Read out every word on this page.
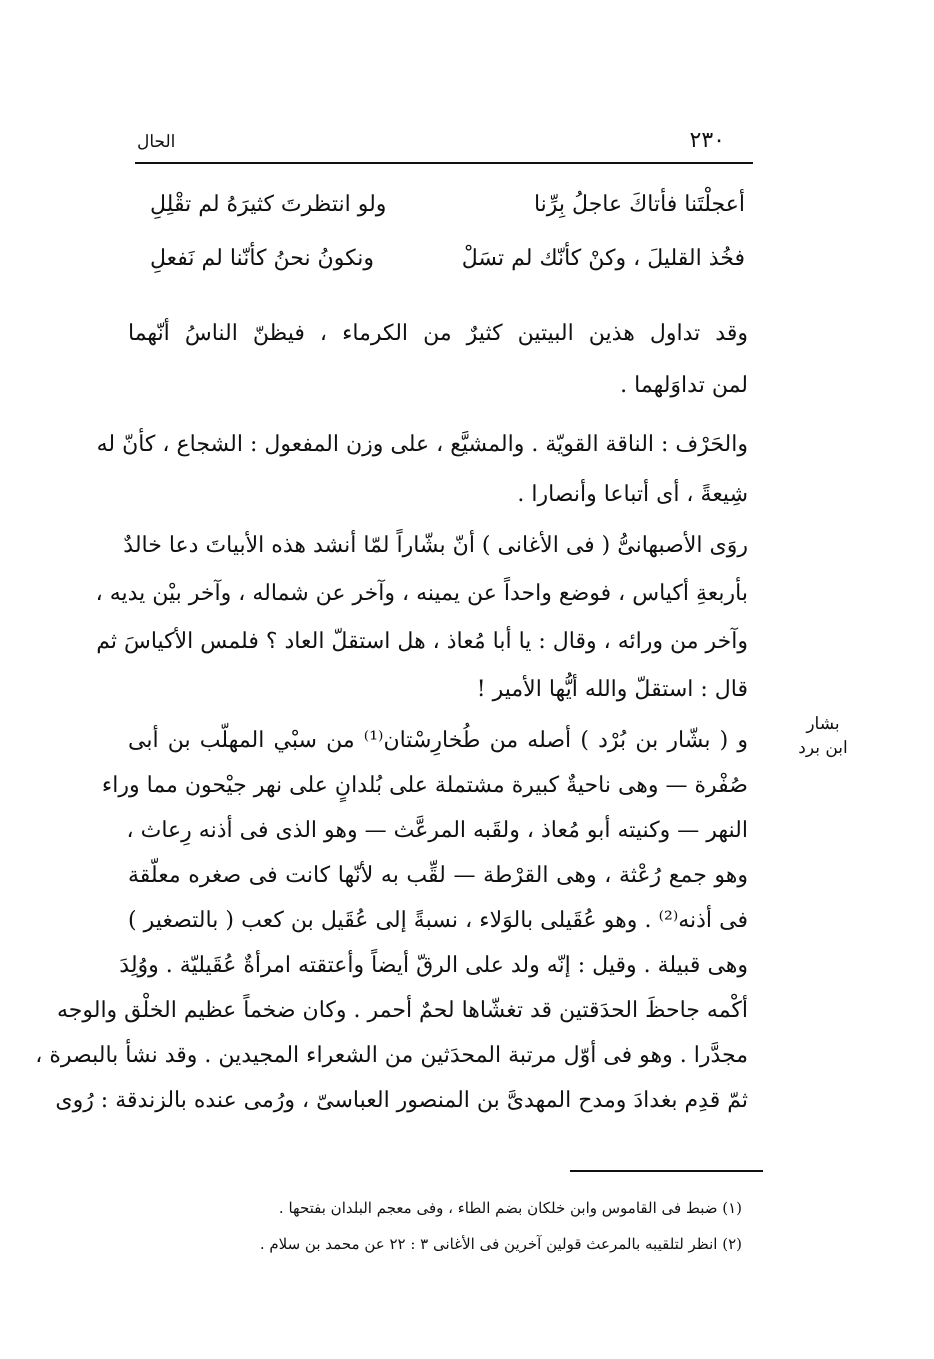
٢٣٠
الحال
أعجلْتَنا فأتاكَ عاجلُ بِرِّنا
ولو انتظرتَ كثيرَهُ لم تقْلِلِ
فخُذ القليلَ ، وكنْ كأنّك لم تسَلْ
ونكونُ نحنُ كأنّنا لم نَفعلِ
وقد تداول هذين البيتين كثيرٌ من الكرماء ، فيظنّ الناسُ أنّهما
لمن تداوَلهما .
والحَرْف : الناقة القويّة . والمشيَّع ، على وزن المفعول : الشجاع ، كأنّ له
شِيعةً ، أى أتباعا وأنصارا .
روَى الأصبهانىُّ ( فى الأغانى ) أنّ بشّاراً لمّا أنشد هذه الأبياتَ دعا خالدٌ
بأربعةِ أكياس ، فوضع واحداً عن يمينه ، وآخر عن شماله ، وآخر بيْن يديه ،
وآخر من ورائه ، وقال : يا أبا مُعاذ ، هل استقلّ العاد ؟ فلمس الأكياسَ ثم
قال : استقلّ والله أيُّها الأمير !
بشار
ابن برد
و ( بشّار بن بُرْد ) أصله من طُخارِسْتان⁽¹⁾ من سبْي المهلّب بن أبى
صُفْرة — وهى ناحيةٌ كبيرة مشتملة على بُلدانٍ على نهر جيْحون مما وراء
النهر — وكنيته أبو مُعاذ ، ولقَبه المرعَّث — وهو الذى فى أذنه رِعاث ،
وهو جمع رُعْثة ، وهى القرْطة — لقِّب به لأنّها كانت فى صغره معلّقة
فى أذنه⁽²⁾ . وهو عُقَيلى بالوَلاء ، نسبةً إلى عُقَيل بن كعب ( بالتصغير )
وهى قبيلة . وقيل : إنّه ولد على الرقّ أيضاً وأعتقته امرأةٌ عُقَيليّة . ووُلِدَ
أكْمه جاحظَ الحدَقتين قد تغشّاها لحمٌ أحمر . وكان ضخماً عظيم الخلْق والوجه
مجدَّرا . وهو فى أوّل مرتبة المحدَثين من الشعراء المجيدين . وقد نشأ بالبصرة ،
ثمّ قدِم بغدادَ ومدح المهدىَّ بن المنصور العباسىّ ، ورُمى عنده بالزندقة : رُوى
(١) ضبط فى القاموس وابن خلكان بضم الطاء ، وفى معجم البلدان بفتحها .
(٢) انظر لتلقيبه بالمرعث قولين آخرين فى الأغانى ٣ : ٢٢ عن محمد بن سلام .
